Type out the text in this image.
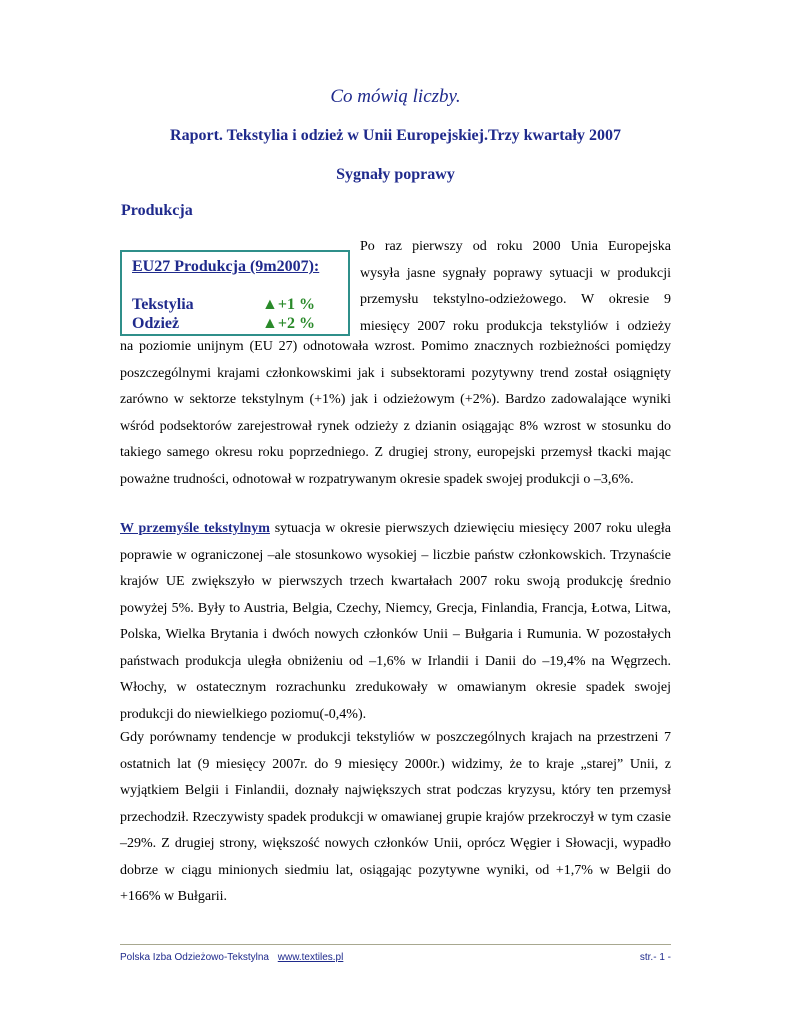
Co mówią liczby.
Raport. Tekstylia i odzież w Unii Europejskiej.Trzy kwartały 2007
Sygnały poprawy
Produkcja
EU27 Produkcja (9m2007):
Tekstylia	▲+1 %
Odzież	▲+2 %
Po raz pierwszy od roku 2000 Unia Europejska
wysyła jasne sygnały poprawy sytuacji w produkcji
przemysłu tekstylno-odzieżowego. W okresie 9
miesięcy 2007 roku produkcja tekstyliów i odzieży

na poziomie unijnym (EU 27) odnotowała wzrost. Pomimo znacznych rozbieżności pomiędzy poszczególnymi krajami członkowskimi jak i subsektorami pozytywny trend został osiągnięty zarówno w sektorze tekstylnym (+1%) jak i odzieżowym (+2%). Bardzo zadowalające wyniki wśród podsektorów zarejestrował rynek odzieży z dzianin osiągając 8% wzrost w stosunku do takiego samego okresu roku poprzedniego. Z drugiej strony, europejski przemysł tkacki mając poważne trudności, odnotował w rozpatrywanym okresie spadek swojej produkcji o –3,6%.

W przemyśle tekstylnym sytuacja w okresie pierwszych dziewięciu miesięcy 2007 roku uległa poprawie w ograniczonej –ale stosunkowo wysokiej – liczbie państw członkowskich. Trzynaście krajów UE zwiększyło w pierwszych trzech kwartałach 2007 roku swoją produkcję średnio powyżej 5%. Były to Austria, Belgia, Czechy, Niemcy, Grecja, Finlandia, Francja, Łotwa, Litwa, Polska, Wielka Brytania i dwóch nowych członków Unii – Bułgaria i Rumunia. W pozostałych państwach produkcja uległa obniżeniu od –1,6% w Irlandii i Danii do –19,4% na Węgrzech. Włochy, w ostatecznym rozrachunku zredukowały w omawianym okresie spadek swojej produkcji do niewielkiego poziomu(-0,4%).

Gdy porównamy tendencje w produkcji tekstyliów w poszczególnych krajach na przestrzeni 7 ostatnich lat (9 miesięcy 2007r. do 9 miesięcy 2000r.) widzimy, że to kraje „starej” Unii, z wyjątkiem Belgii i Finlandii, doznały największych strat podczas kryzysu, który ten przemysł przechodził. Rzeczywisty spadek produkcji w omawianej grupie krajów przekroczył w tym czasie –29%. Z drugiej strony, większość nowych członków Unii, oprócz Węgier i Słowacji, wypadło dobrze w ciągu minionych siedmiu lat, osiągając pozytywne wyniki, od +1,7% w Belgii do +166% w Bułgarii.

Polska Izba Odzieżowo-Tekstylna www.textiles.pl	str.- 1 -
